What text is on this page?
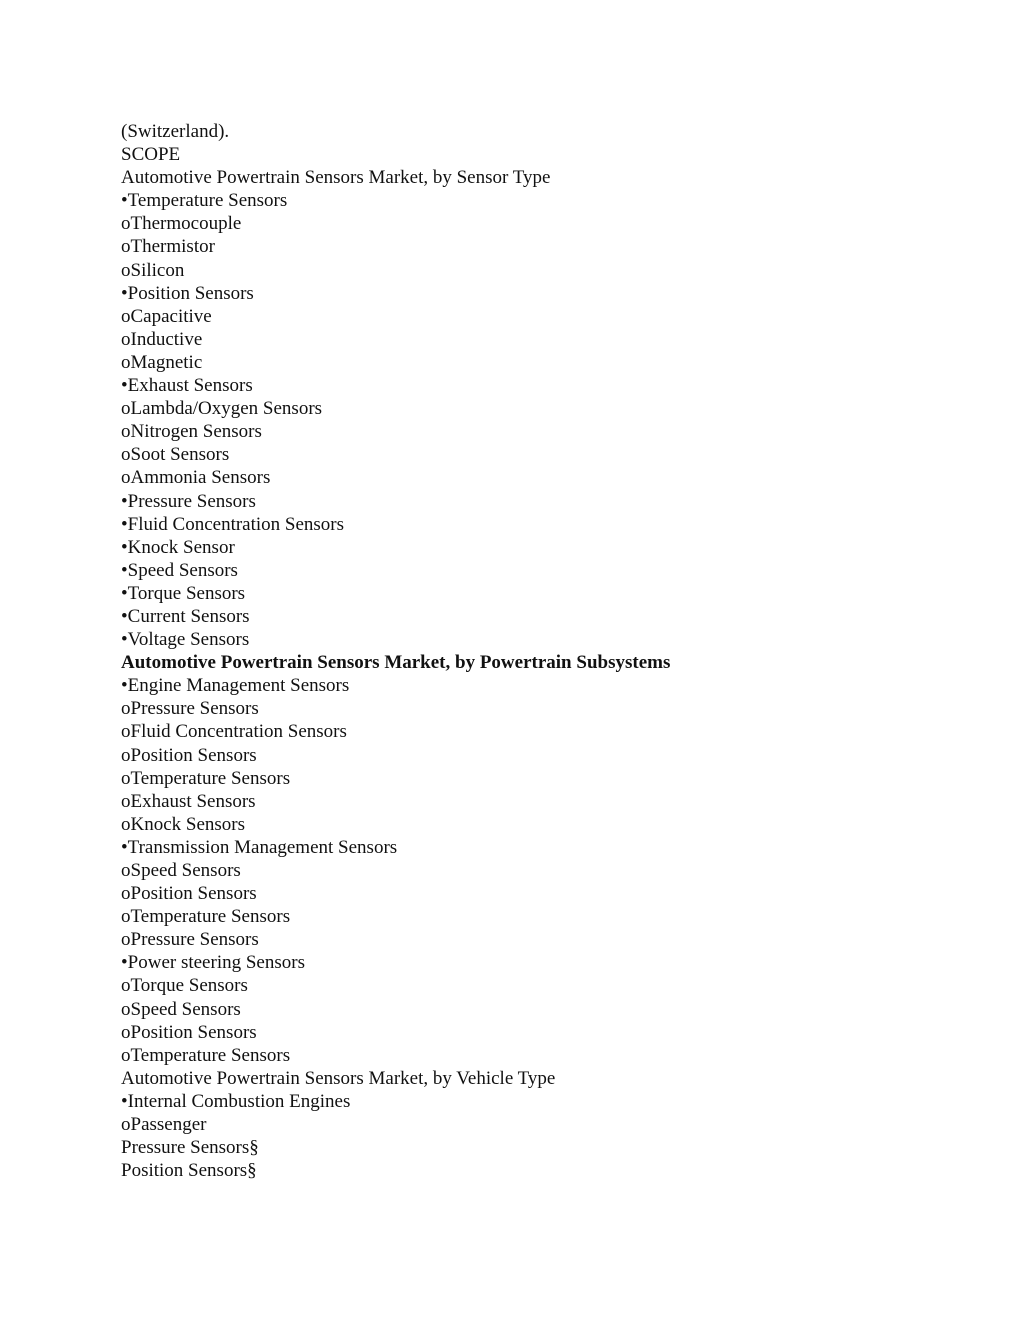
(Switzerland).

SCOPE

Automotive Powertrain Sensors Market, by Sensor Type

•Temperature Sensors

oThermocouple

oThermistor

oSilicon

•Position Sensors

oCapacitive

oInductive

oMagnetic

•Exhaust Sensors

oLambda/Oxygen Sensors

oNitrogen Sensors

oSoot Sensors

oAmmonia Sensors

•Pressure Sensors

•Fluid Concentration Sensors

•Knock Sensor

•Speed Sensors

•Torque Sensors

•Current Sensors

•Voltage Sensors

Automotive Powertrain Sensors Market, by Powertrain Subsystems

•Engine Management Sensors

oPressure Sensors

oFluid Concentration Sensors

oPosition Sensors

oTemperature Sensors

oExhaust Sensors

oKnock Sensors

•Transmission Management Sensors

oSpeed Sensors

oPosition Sensors

oTemperature Sensors

oPressure Sensors

•Power steering Sensors

oTorque Sensors

oSpeed Sensors

oPosition Sensors

oTemperature Sensors

Automotive Powertrain Sensors Market, by Vehicle Type

•Internal Combustion Engines

oPassenger

Pressure Sensors§

Position Sensors§
